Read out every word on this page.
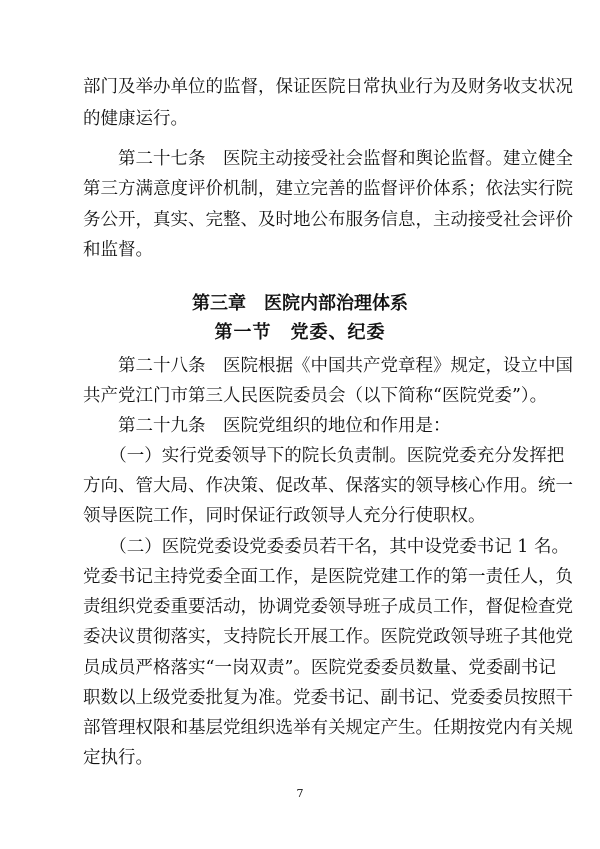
部门及举办单位的监督，保证医院日常执业行为及财务收支状况
的健康运行。
　　第二十七条　医院主动接受社会监督和舆论监督。建立健全
第三方满意度评价机制，建立完善的监督评价体系；依法实行院
务公开，真实、完整、及时地公布服务信息，主动接受社会评价
和监督。
第三章　医院内部治理体系
第一节　党委、纪委
　　第二十八条　医院根据《中国共产党章程》规定，设立中国
共产党江门市第三人民医院委员会（以下简称“医院党委”）。
　　第二十九条　医院党组织的地位和作用是：
　　（一）实行党委领导下的院长负责制。医院党委充分发挥把
方向、管大局、作决策、促改革、保落实的领导核心作用。统一
领导医院工作，同时保证行政领导人充分行使职权。
　　（二）医院党委设党委委员若干名，其中设党委书记 1 名。
党委书记主持党委全面工作，是医院党建工作的第一责任人，负
责组织党委重要活动，协调党委领导班子成员工作，督促检查党
委决议贯彻落实，支持院长开展工作。医院党政领导班子其他党
员成员严格落实“一岗双责”。医院党委委员数量、党委副书记
职数以上级党委批复为准。党委书记、副书记、党委委员按照干
部管理权限和基层党组织选举有关规定产生。任期按党内有关规
定执行。
7
